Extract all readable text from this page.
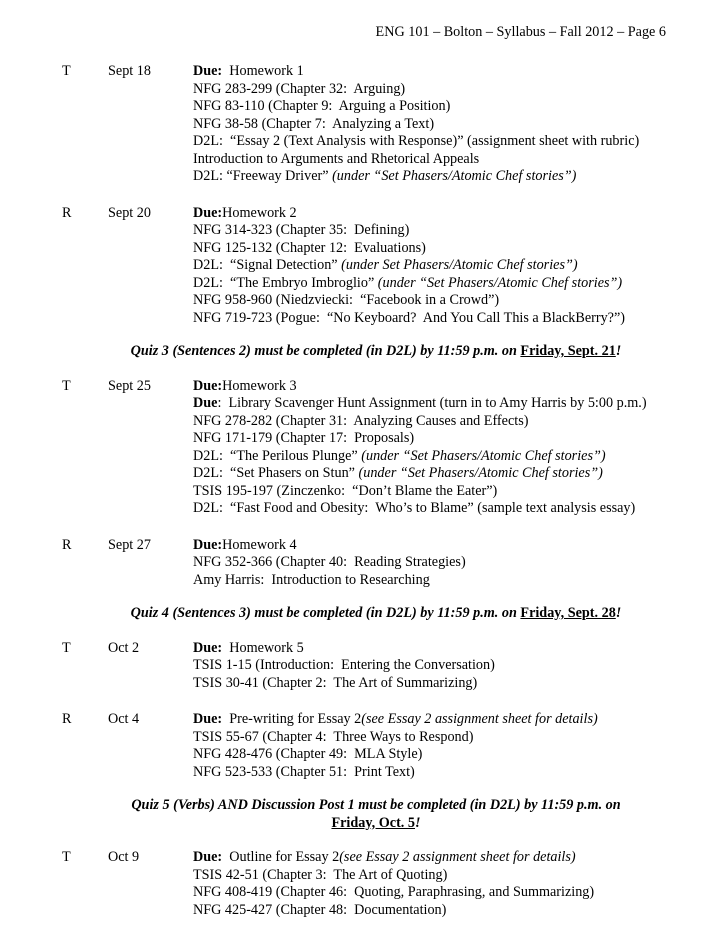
ENG 101 – Bolton – Syllabus – Fall 2012 – Page 6
T	Sept 18	Due:  Homework 1
NFG 283-299 (Chapter 32:  Arguing)
NFG 83-110 (Chapter 9:  Arguing a Position)
NFG 38-58 (Chapter 7:  Analyzing a Text)
D2L:  “Essay 2 (Text Analysis with Response)” (assignment sheet with rubric)
Introduction to Arguments and Rhetorical Appeals
D2L: “Freeway Driver” (under “Set Phasers/Atomic Chef stories”)
R	Sept 20	Due:Homework 2
NFG 314-323 (Chapter 35:  Defining)
NFG 125-132 (Chapter 12:  Evaluations)
D2L:  “Signal Detection” (under Set Phasers/Atomic Chef stories”)
D2L:  “The Embryo Imbroglio” (under “Set Phasers/Atomic Chef stories”)
NFG 958-960 (Niedzviecki:  “Facebook in a Crowd”)
NFG 719-723 (Pogue:  “No Keyboard?  And You Call This a BlackBerry?”)
Quiz 3 (Sentences 2) must be completed (in D2L) by 11:59 p.m. on Friday, Sept. 21!
T	Sept 25	Due:Homework 3
Due:  Library Scavenger Hunt Assignment (turn in to Amy Harris by 5:00 p.m.)
NFG 278-282 (Chapter 31:  Analyzing Causes and Effects)
NFG 171-179 (Chapter 17:  Proposals)
D2L:  “The Perilous Plunge” (under “Set Phasers/Atomic Chef stories”)
D2L:  “Set Phasers on Stun” (under “Set Phasers/Atomic Chef stories”)
TSIS 195-197 (Zinczenko:  “Don’t Blame the Eater”)
D2L:  “Fast Food and Obesity:  Who’s to Blame” (sample text analysis essay)
R	Sept 27	Due:Homework 4
NFG 352-366 (Chapter 40:  Reading Strategies)
Amy Harris:  Introduction to Researching
Quiz 4 (Sentences 3) must be completed (in D2L) by 11:59 p.m. on Friday, Sept. 28!
T	Oct 2	Due:  Homework 5
TSIS 1-15 (Introduction:  Entering the Conversation)
TSIS 30-41 (Chapter 2:  The Art of Summarizing)
R	Oct 4	Due:  Pre-writing for Essay 2(see Essay 2 assignment sheet for details)
TSIS 55-67 (Chapter 4:  Three Ways to Respond)
NFG 428-476 (Chapter 49:  MLA Style)
NFG 523-533 (Chapter 51:  Print Text)
Quiz 5 (Verbs) AND Discussion Post 1 must be completed (in D2L) by 11:59 p.m. on
Friday, Oct. 5!
T	Oct 9	Due:  Outline for Essay 2(see Essay 2 assignment sheet for details)
TSIS 42-51 (Chapter 3:  The Art of Quoting)
NFG 408-419 (Chapter 46:  Quoting, Paraphrasing, and Summarizing)
NFG 425-427 (Chapter 48:  Documentation)
